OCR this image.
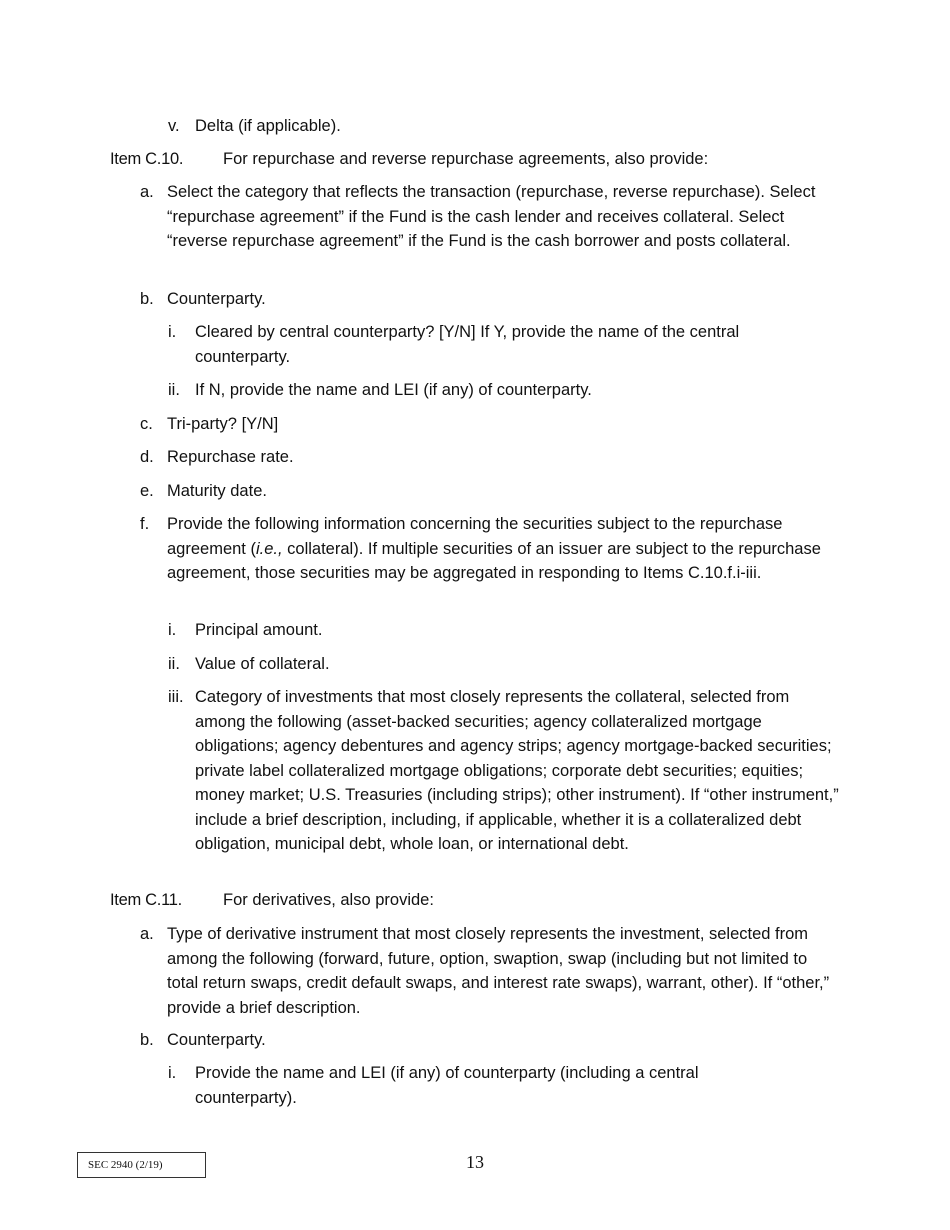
v. Delta (if applicable).
Item C.10.	For repurchase and reverse repurchase agreements, also provide:
a. Select the category that reflects the transaction (repurchase, reverse repurchase). Select “repurchase agreement” if the Fund is the cash lender and receives collateral. Select “reverse repurchase agreement” if the Fund is the cash borrower and posts collateral.
b. Counterparty.
i.	Cleared by central counterparty? [Y/N] If Y, provide the name of the central counterparty.
ii. If N, provide the name and LEI (if any) of counterparty.
c. Tri-party? [Y/N]
d. Repurchase rate.
e. Maturity date.
f.	Provide the following information concerning the securities subject to the repurchase agreement (i.e., collateral). If multiple securities of an issuer are subject to the repurchase agreement, those securities may be aggregated in responding to Items C.10.f.i-iii.
i.	Principal amount.
ii. Value of collateral.
iii. Category of investments that most closely represents the collateral, selected from among the following (asset-backed securities; agency collateralized mortgage obligations; agency debentures and agency strips; agency mortgage-backed securities; private label collateralized mortgage obligations; corporate debt securities; equities; money market; U.S. Treasuries (including strips); other instrument). If “other instrument,” include a brief description, including, if applicable, whether it is a collateralized debt obligation, municipal debt, whole loan, or international debt.
Item C.11.	For derivatives, also provide:
a. Type of derivative instrument that most closely represents the investment, selected from among the following (forward, future, option, swaption, swap (including but not limited to total return swaps, credit default swaps, and interest rate swaps), warrant, other). If “other,” provide a brief description.
b. Counterparty.
i.	Provide the name and LEI (if any) of counterparty (including a central counterparty).
SEC 2940 (2/19)	13
